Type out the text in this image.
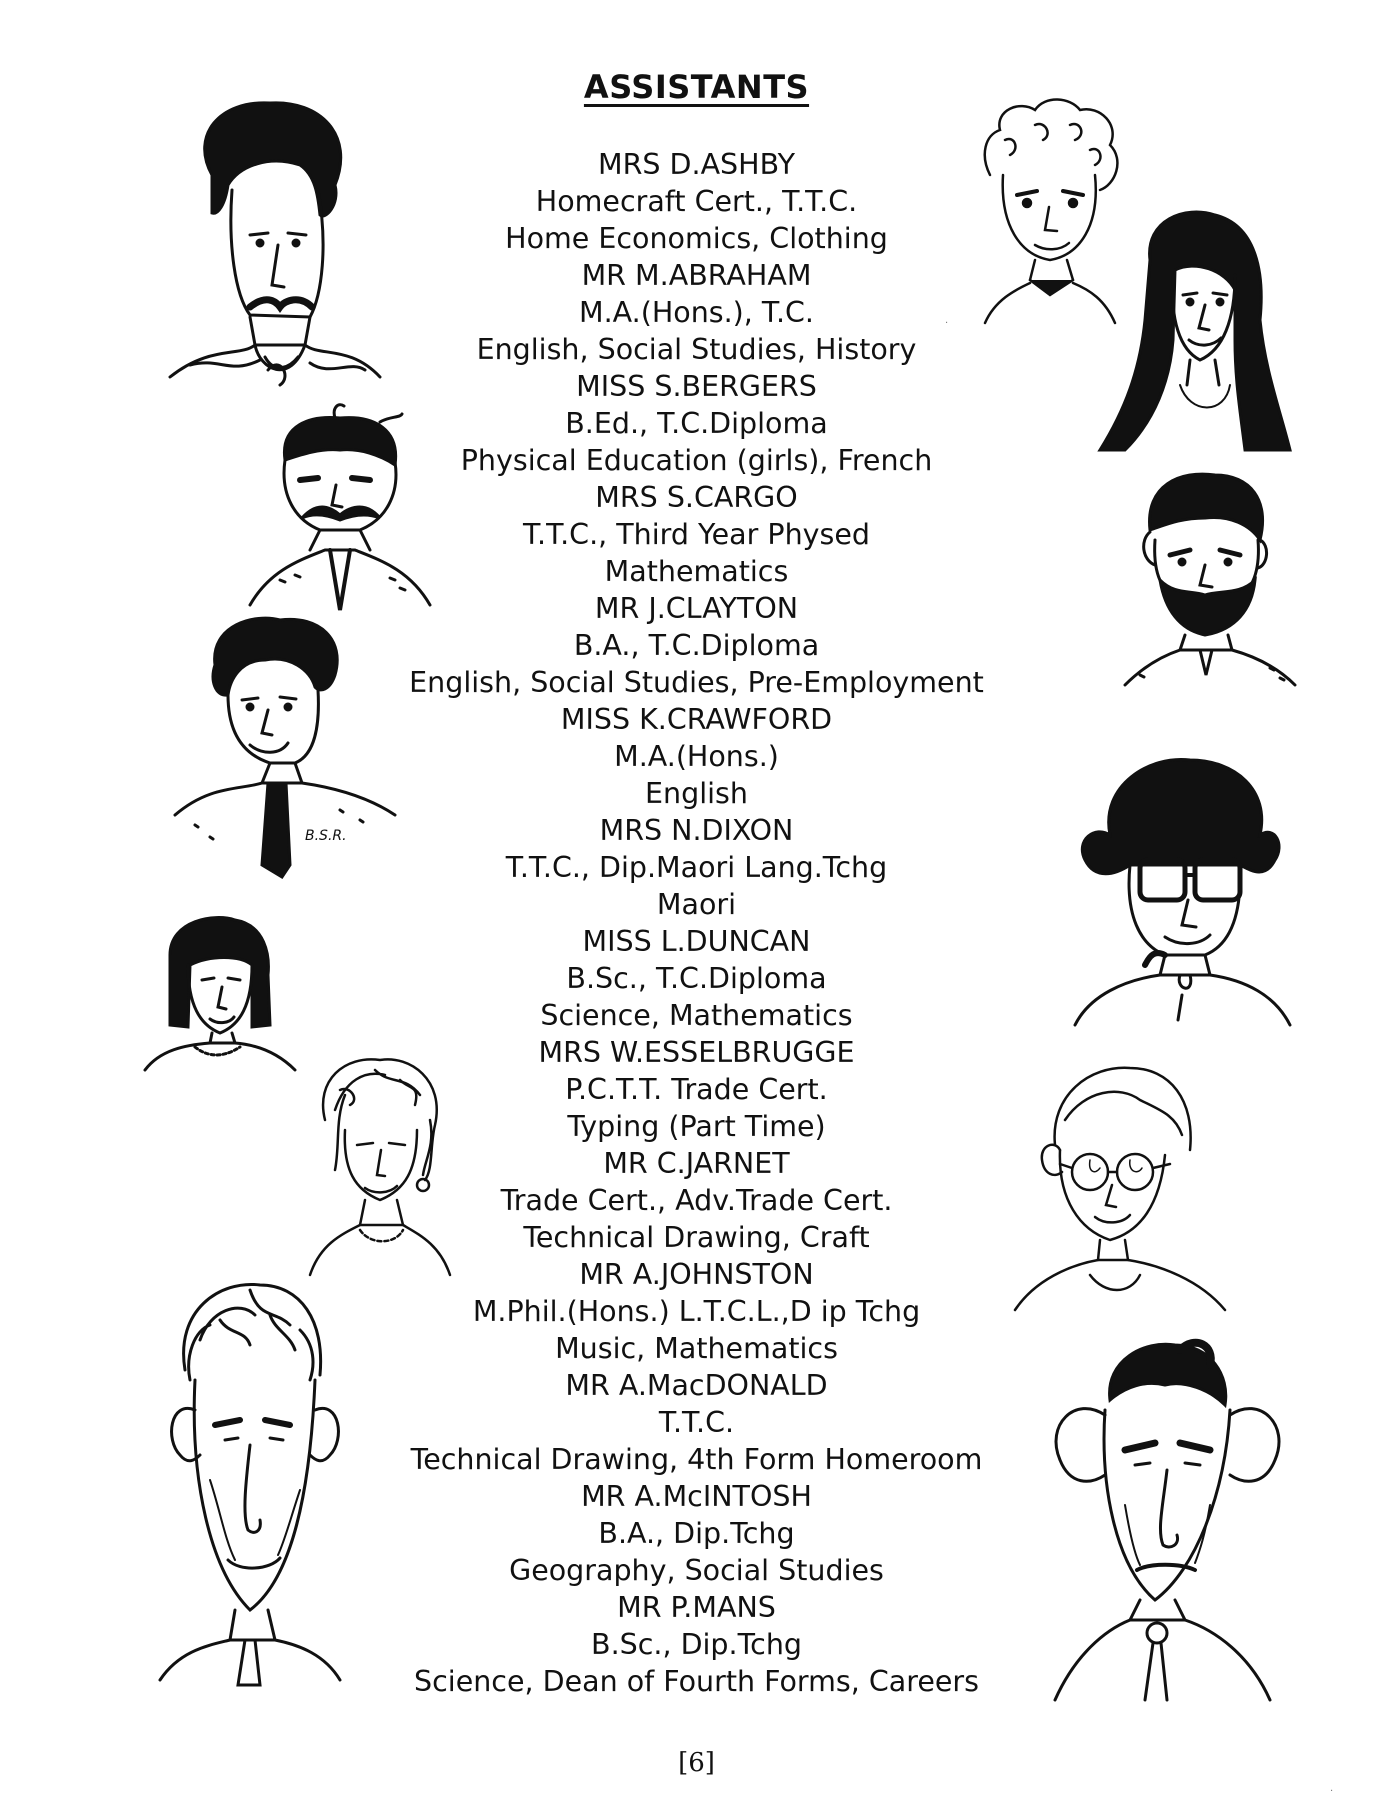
ASSISTANTS
MRS D.ASHBY
Homecraft Cert., T.T.C.
Home Economics, Clothing
MR M.ABRAHAM
M.A.(Hons.), T.C.
English, Social Studies, History
MISS S.BERGERS
B.Ed., T.C.Diploma
Physical Education (girls), French
MRS S.CARGO
T.T.C., Third Year Physed
Mathematics
MR J.CLAYTON
B.A., T.C.Diploma
English, Social Studies, Pre-Employment
MISS K.CRAWFORD
M.A.(Hons.)
English
MRS N.DIXON
T.T.C., Dip.Maori Lang.Tchg
Maori
MISS L.DUNCAN
B.Sc., T.C.Diploma
Science, Mathematics
MRS W.ESSELBRUGGE
P.C.T.T. Trade Cert.
Typing (Part Time)
MR C.JARNET
Trade Cert., Adv.Trade Cert.
Technical Drawing, Craft
MR A.JOHNSTON
M.Phil.(Hons.) L.T.C.L.,D ip Tchg
Music, Mathematics
MR A.MacDONALD
T.T.C.
Technical Drawing, 4th Form Homeroom
MR A.McINTOSH
B.A., Dip.Tchg
Geography, Social Studies
MR P.MANS
B.Sc., Dip.Tchg
Science, Dean of Fourth Forms, Careers
B.S.R.
·
·
[6]
